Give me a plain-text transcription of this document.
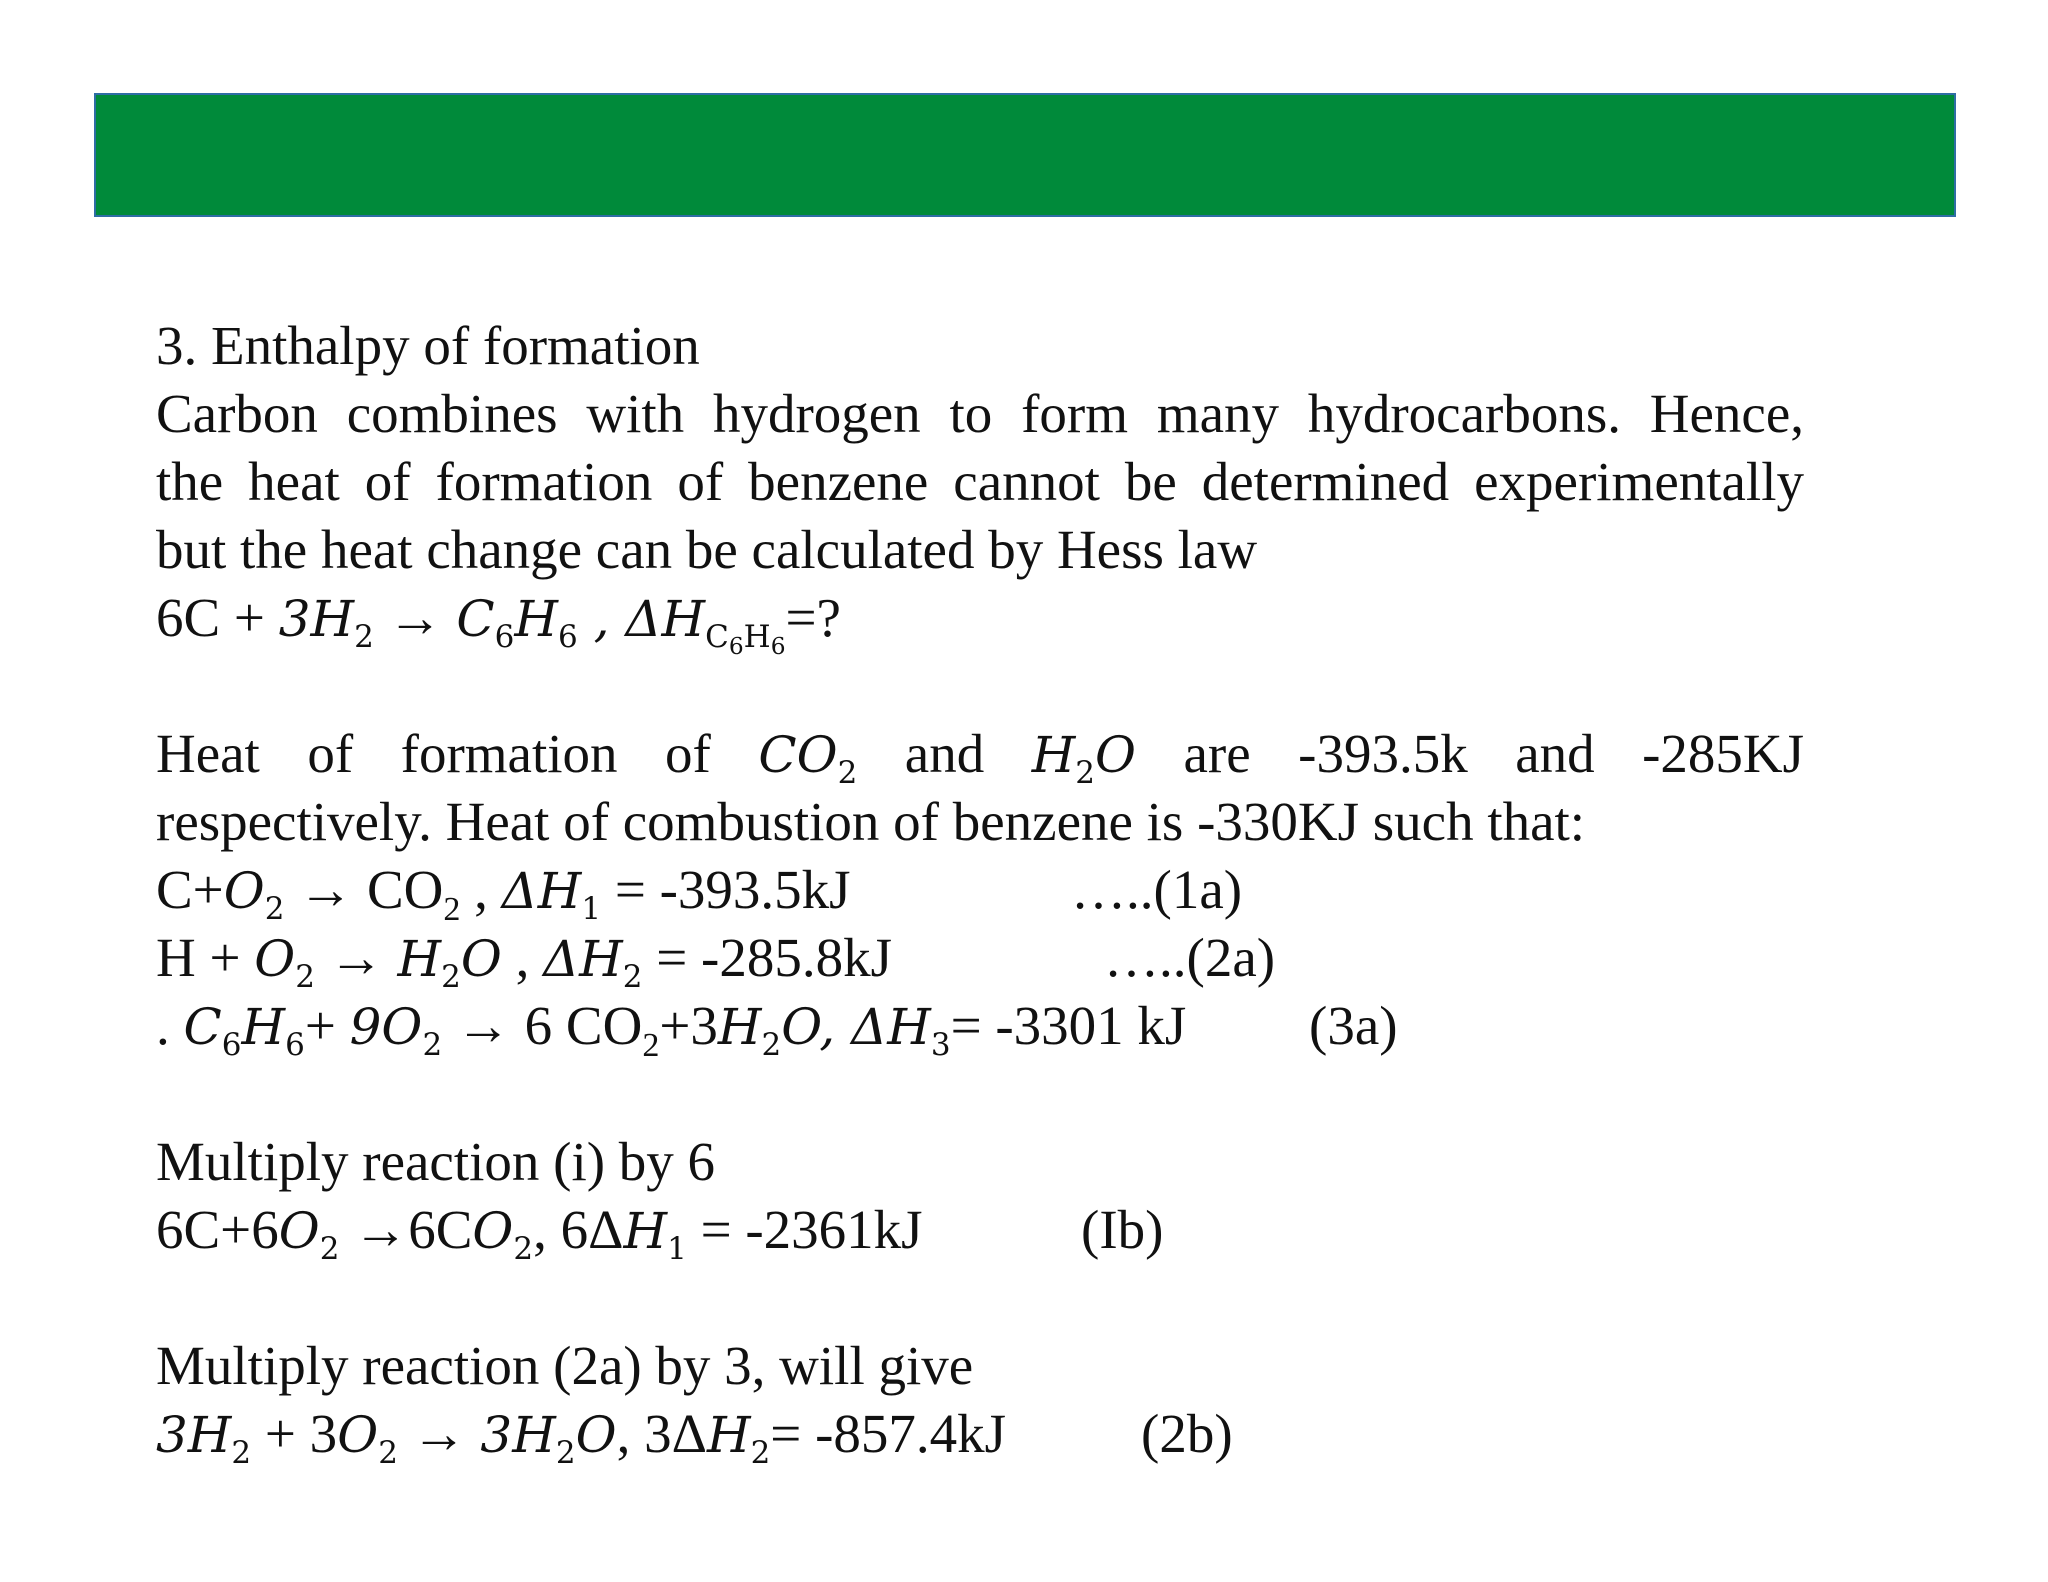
3. Enthalpy of formation
Carbon combines with hydrogen to form many hydrocarbons. Hence,
the heat of formation of benzene cannot be determined experimentally
but the heat change can be calculated by Hess law
$6C + 3H_2 \to C_6H_6$ , $\Delta H_{C_6H_6}=$?
Heat of formation of $CO_2$ and $H_2O$ are -393.5k and -285KJ
respectively. Heat of combustion of benzene is -330KJ such that:
$C+O_2 \to CO_2$ , $\Delta H_1 = -393.5kJ$	…..(1a)
$H + O_2 \to H_2O$ , $\Delta H_2 = -285.8kJ$	…..(2a)
. $C_6H_6+ 9O_2 \to 6$ $CO_2+3H_2O$, $\Delta H_3= -3301$ kJ (3a)
Multiply reaction (i) by 6
$6C+6O_2 \to 6CO_2$, $6\Delta H_1 = -2361kJ$	(Ib)
Multiply reaction (2a) by 3, will give
$3H_2 + 3O_2 \to 3H_2O$, $3\Delta H_2= -857.4kJ$ (2b)
